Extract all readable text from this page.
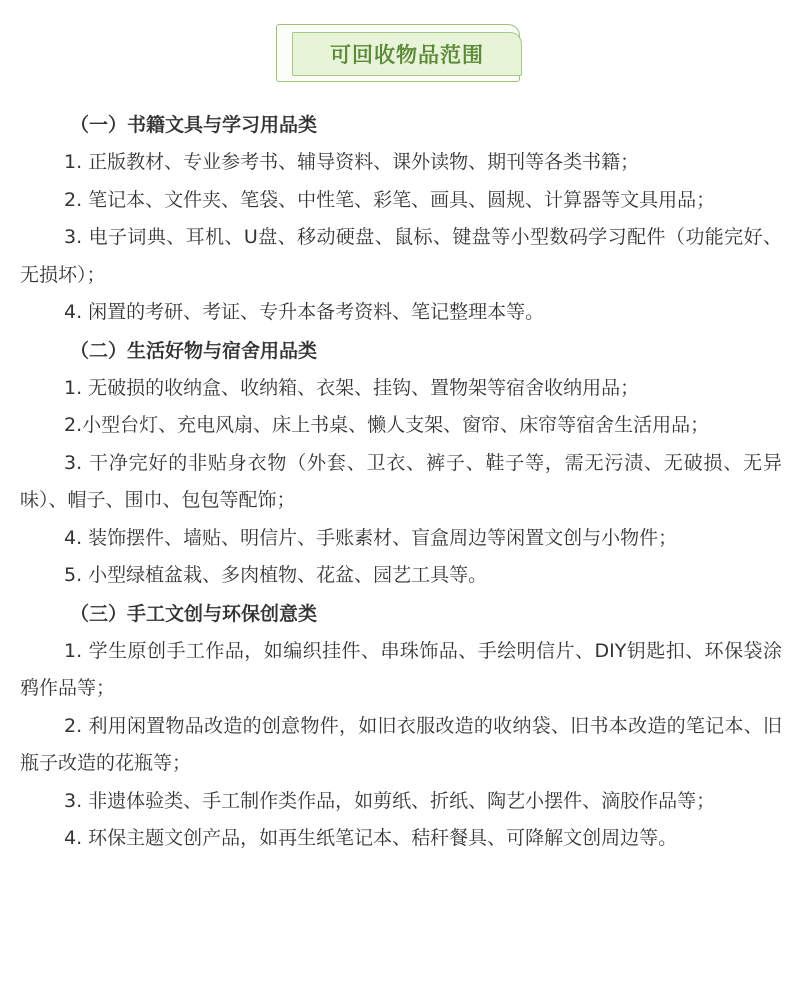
可回收物品范围
（一）书籍文具与学习用品类
1. 正版教材、专业参考书、辅导资料、课外读物、期刊等各类书籍；
2. 笔记本、文件夹、笔袋、中性笔、彩笔、画具、圆规、计算器等文具用品；
3. 电子词典、耳机、U盘、移动硬盘、鼠标、键盘等小型数码学习配件（功能完好、无损坏）；
4. 闲置的考研、考证、专升本备考资料、笔记整理本等。
（二）生活好物与宿舍用品类
1. 无破损的收纳盒、收纳箱、衣架、挂钩、置物架等宿舍收纳用品；
2.小型台灯、充电风扇、床上书桌、懒人支架、窗帘、床帘等宿舍生活用品；
3. 干净完好的非贴身衣物（外套、卫衣、裤子、鞋子等，需无污渍、无破损、无异味）、帽子、围巾、包包等配饰；
4. 装饰摆件、墙贴、明信片、手账素材、盲盒周边等闲置文创与小物件；
5. 小型绿植盆栽、多肉植物、花盆、园艺工具等。
（三）手工文创与环保创意类
1. 学生原创手工作品，如编织挂件、串珠饰品、手绘明信片、DIY钥匙扣、环保袋涂鸦作品等；
2. 利用闲置物品改造的创意物件，如旧衣服改造的收纳袋、旧书本改造的笔记本、旧瓶子改造的花瓶等；
3. 非遗体验类、手工制作类作品，如剪纸、折纸、陶艺小摆件、滴胶作品等；
4. 环保主题文创产品，如再生纸笔记本、秸秆餐具、可降解文创周边等。
